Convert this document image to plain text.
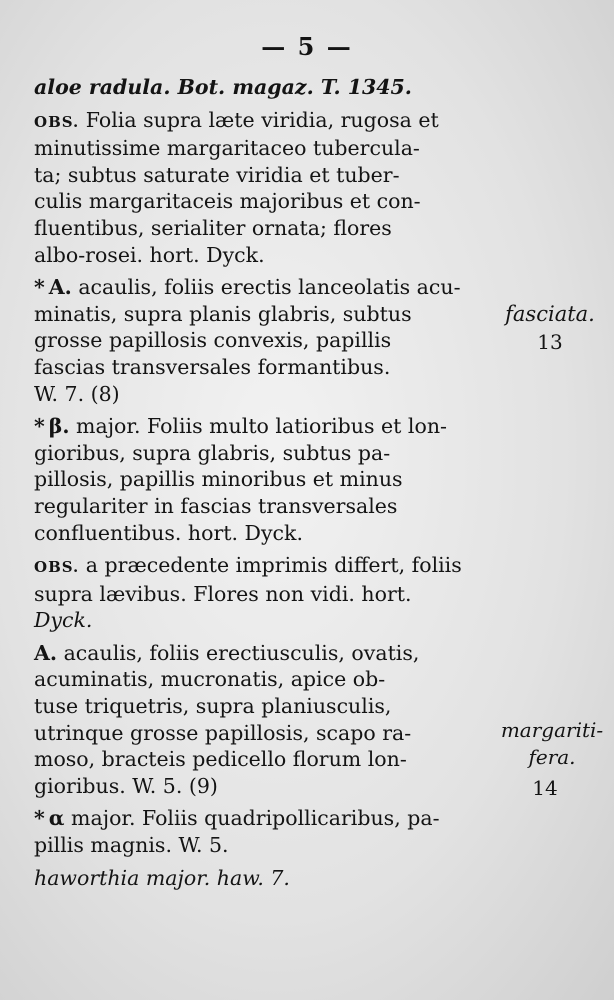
— 5 —
aloe radula. Bot. magaz. T. 1345.
OBS. Folia supra læte viridia, rugosa et
minutissime margaritaceo tubercula-
ta; subtus saturate viridia et tuber-
culis margaritaceis majoribus et con-
fluentibus, serialiter ornata; flores
albo-rosei. hort. Dyck.
* A. acaulis, foliis erectis lanceolatis acu-
minatis, supra planis glabris, subtus
grosse papillosis convexis, papillis
fascias transversales formantibus.
W. 7. (8)
* β. major. Foliis multo latioribus et lon-
gioribus, supra glabris, subtus pa-
pillosis, papillis minoribus et minus
regulariter in fascias transversales
confluentibus. hort. Dyck.
OBS. a præcedente imprimis differt, foliis
supra lævibus. Flores non vidi. hort.
Dyck.
A. acaulis, foliis erectiusculis, ovatis,
acuminatis, mucronatis, apice ob-
tuse triquetris, supra planiusculis,
utrinque grosse papillosis, scapo ra-
moso, bracteis pedicello florum lon-
gioribus. W. 5. (9)
* α major. Foliis quadripollicaribus, pa-
pillis magnis. W. 5.
haworthia major. haw. 7.
fasciata.
13
margariti-
fera.
14
